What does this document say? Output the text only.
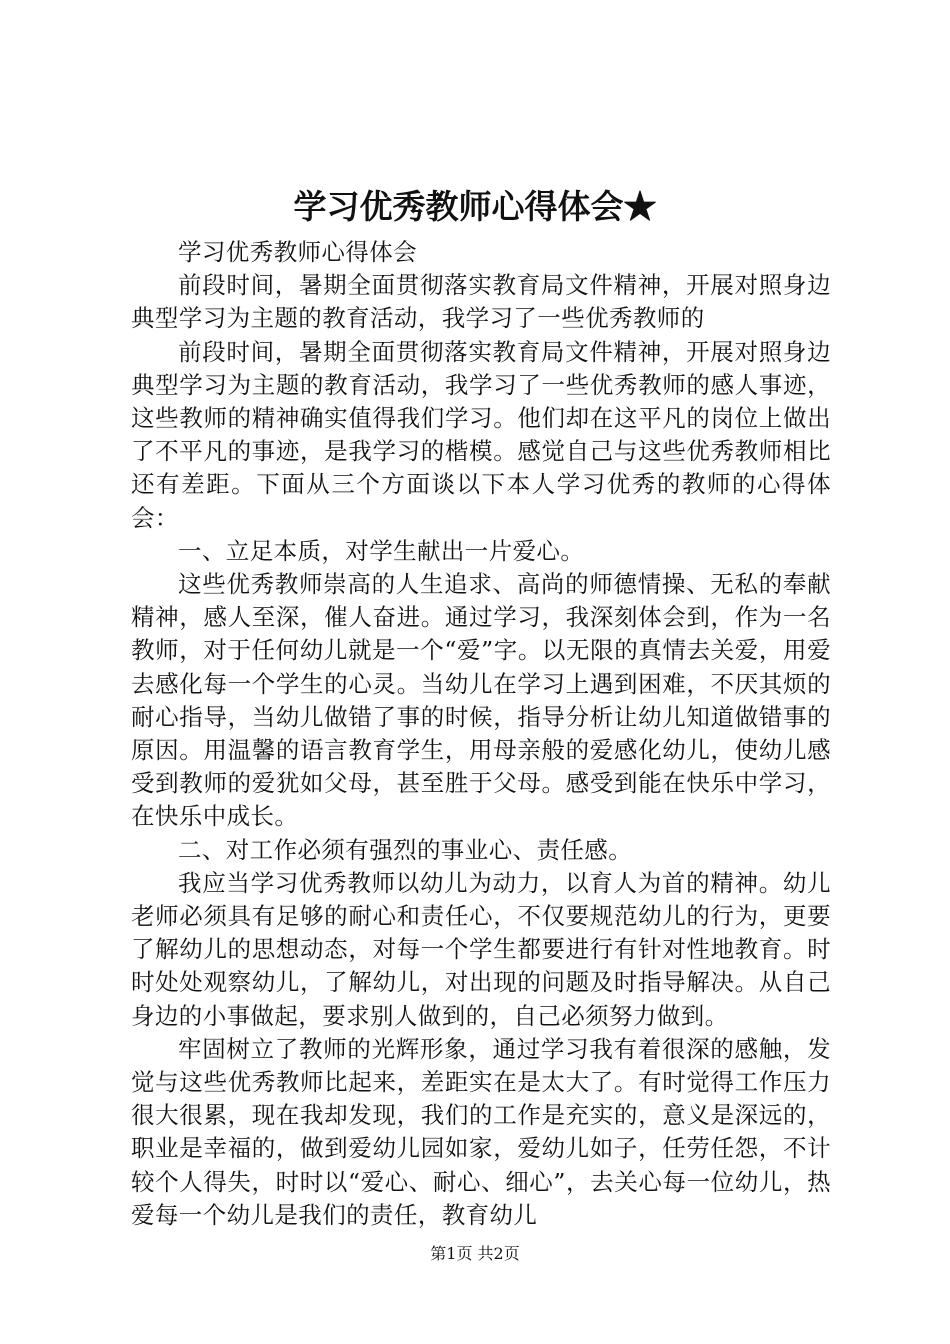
学习优秀教师心得体会★

学习优秀教师心得体会

前段时间，暑期全面贯彻落实教育局文件精神，开展对照身边典型学习为主题的教育活动，我学习了一些优秀教师的

前段时间，暑期全面贯彻落实教育局文件精神，开展对照身边典型学习为主题的教育活动，我学习了一些优秀教师的感人事迹，这些教师的精神确实值得我们学习。他们却在这平凡的岗位上做出了不平凡的事迹，是我学习的楷模。感觉自己与这些优秀教师相比还有差距。下面从三个方面谈以下本人学习优秀的教师的心得体会：

一、立足本质，对学生献出一片爱心。

这些优秀教师崇高的人生追求、高尚的师德情操、无私的奉献精神，感人至深，催人奋进。通过学习，我深刻体会到，作为一名教师，对于任何幼儿就是一个“爱”字。以无限的真情去关爱，用爱去感化每一个学生的心灵。当幼儿在学习上遇到困难，不厌其烦的耐心指导，当幼儿做错了事的时候，指导分析让幼儿知道做错事的原因。用温馨的语言教育学生，用母亲般的爱感化幼儿，使幼儿感受到教师的爱犹如父母，甚至胜于父母。感受到能在快乐中学习，在快乐中成长。

二、对工作必须有强烈的事业心、责任感。

我应当学习优秀教师以幼儿为动力，以育人为首的精神。幼儿老师必须具有足够的耐心和责任心，不仅要规范幼儿的行为，更要了解幼儿的思想动态，对每一个学生都要进行有针对性地教育。时时处处观察幼儿，了解幼儿，对出现的问题及时指导解决。从自己身边的小事做起，要求别人做到的，自己必须努力做到。

牢固树立了教师的光辉形象，通过学习我有着很深的感触，发觉与这些优秀教师比起来，差距实在是太大了。有时觉得工作压力很大很累，现在我却发现，我们的工作是充实的，意义是深远的，职业是幸福的，做到爱幼儿园如家，爱幼儿如子，任劳任怨，不计较个人得失，时时以“爱心、耐心、细心”，去关心每一位幼儿，热爱每一个幼儿是我们的责任，教育幼儿

第1页 共2页
